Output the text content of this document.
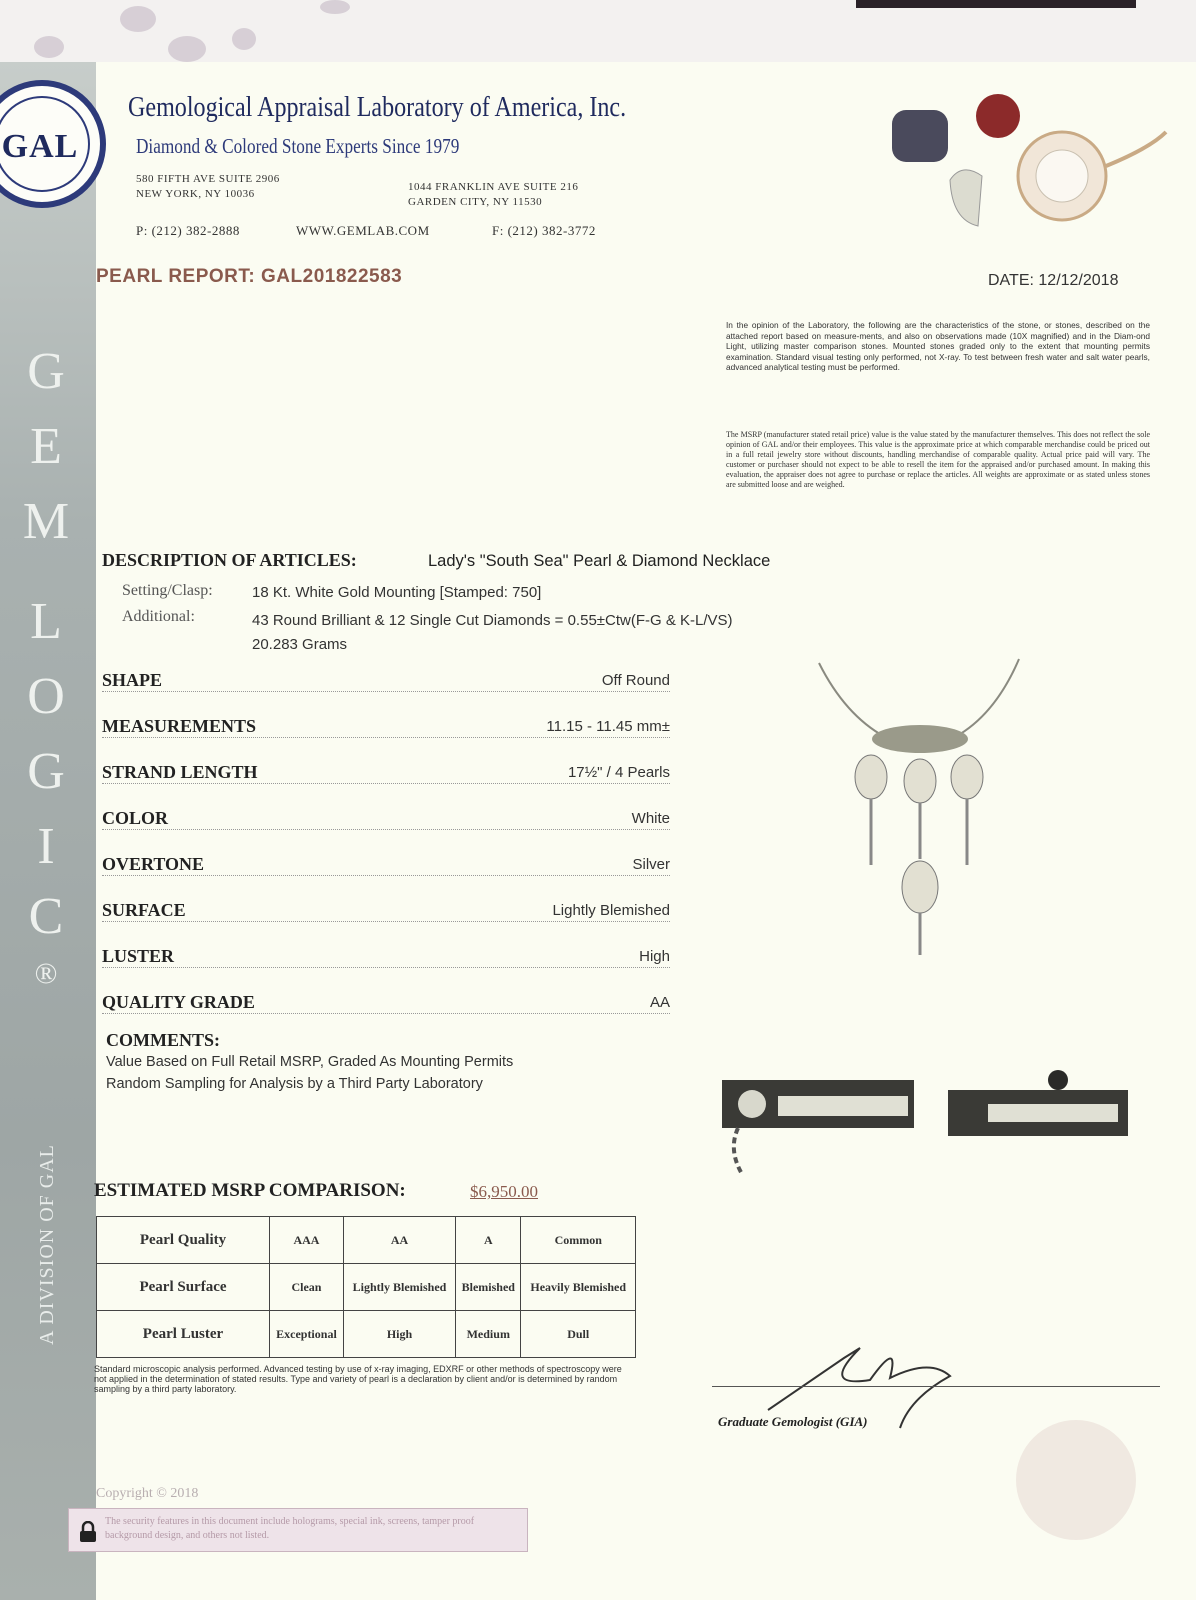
G
E
M
L
O
G
I
C
®
A DIVISION OF GAL
GAL
Gemological Appraisal Laboratory of America, Inc.
Diamond & Colored Stone Experts Since 1979
580 FIFTH AVE SUITE 2906
NEW YORK, NY 10036
1044 FRANKLIN AVE SUITE 216
GARDEN CITY, NY 11530
P: (212) 382-2888	WWW.GEMLAB.COM	F: (212) 382-3772
PEARL REPORT: GAL201822583	DATE: 12/12/2018
In the opinion of the Laboratory, the following are the characteristics of the stone, or stones, described on the attached report based on measure-ments, and also on observations made (10X magnified) and in the Diam-ond Light, utilizing master comparison stones. Mounted stones graded only to the extent that mounting permits examination. Standard visual testing only performed, not X-ray. To test between fresh water and salt water pearls, advanced analytical testing must be performed.
The MSRP (manufacturer stated retail price) value is the value stated by the manufacturer themselves. This does not reflect the sole opinion of GAL and/or their employees. This value is the approximate price at which comparable merchandise could be priced out in a full retail jewelry store without discounts, handling merchandise of comparable quality. Actual price paid will vary. The customer or purchaser should not expect to be able to resell the item for the appraised and/or purchased amount. In making this evaluation, the appraiser does not agree to purchase or replace the articles. All weights are approximate or as stated unless stones are submitted loose and are weighed.
DESCRIPTION OF ARTICLES:	Lady's "South Sea" Pearl & Diamond Necklace
Setting/Clasp:	18 Kt. White Gold Mounting [Stamped: 750]
Additional:	43 Round Brilliant & 12 Single Cut Diamonds = 0.55±Ctw(F-G & K-L/VS)
20.283 Grams
SHAPE	Off Round
MEASUREMENTS	11.15 - 11.45 mm±
STRAND LENGTH	17½" / 4 Pearls
COLOR	White
OVERTONE	Silver
SURFACE	Lightly Blemished
LUSTER	High
QUALITY GRADE	AA
COMMENTS:
Value Based on Full Retail MSRP, Graded As Mounting Permits
Random Sampling for Analysis by a Third Party Laboratory
ESTIMATED MSRP COMPARISON:	$6,950.00
Pearl Quality	AAA	AA	A	Common
Pearl Surface	Clean	Lightly Blemished	Blemished	Heavily Blemished
Pearl Luster	Exceptional	High	Medium	Dull
Standard microscopic analysis performed. Advanced testing by use of x-ray imaging, EDXRF or other methods of spectroscopy were not applied in the determination of stated results. Type and variety of pearl is a declaration by client and/or is determined by random sampling by a third party laboratory.
Graduate Gemologist (GIA)
Copyright © 2018
The security features in this document include holograms, special ink, screens, tamper proof background design, and others not listed.
